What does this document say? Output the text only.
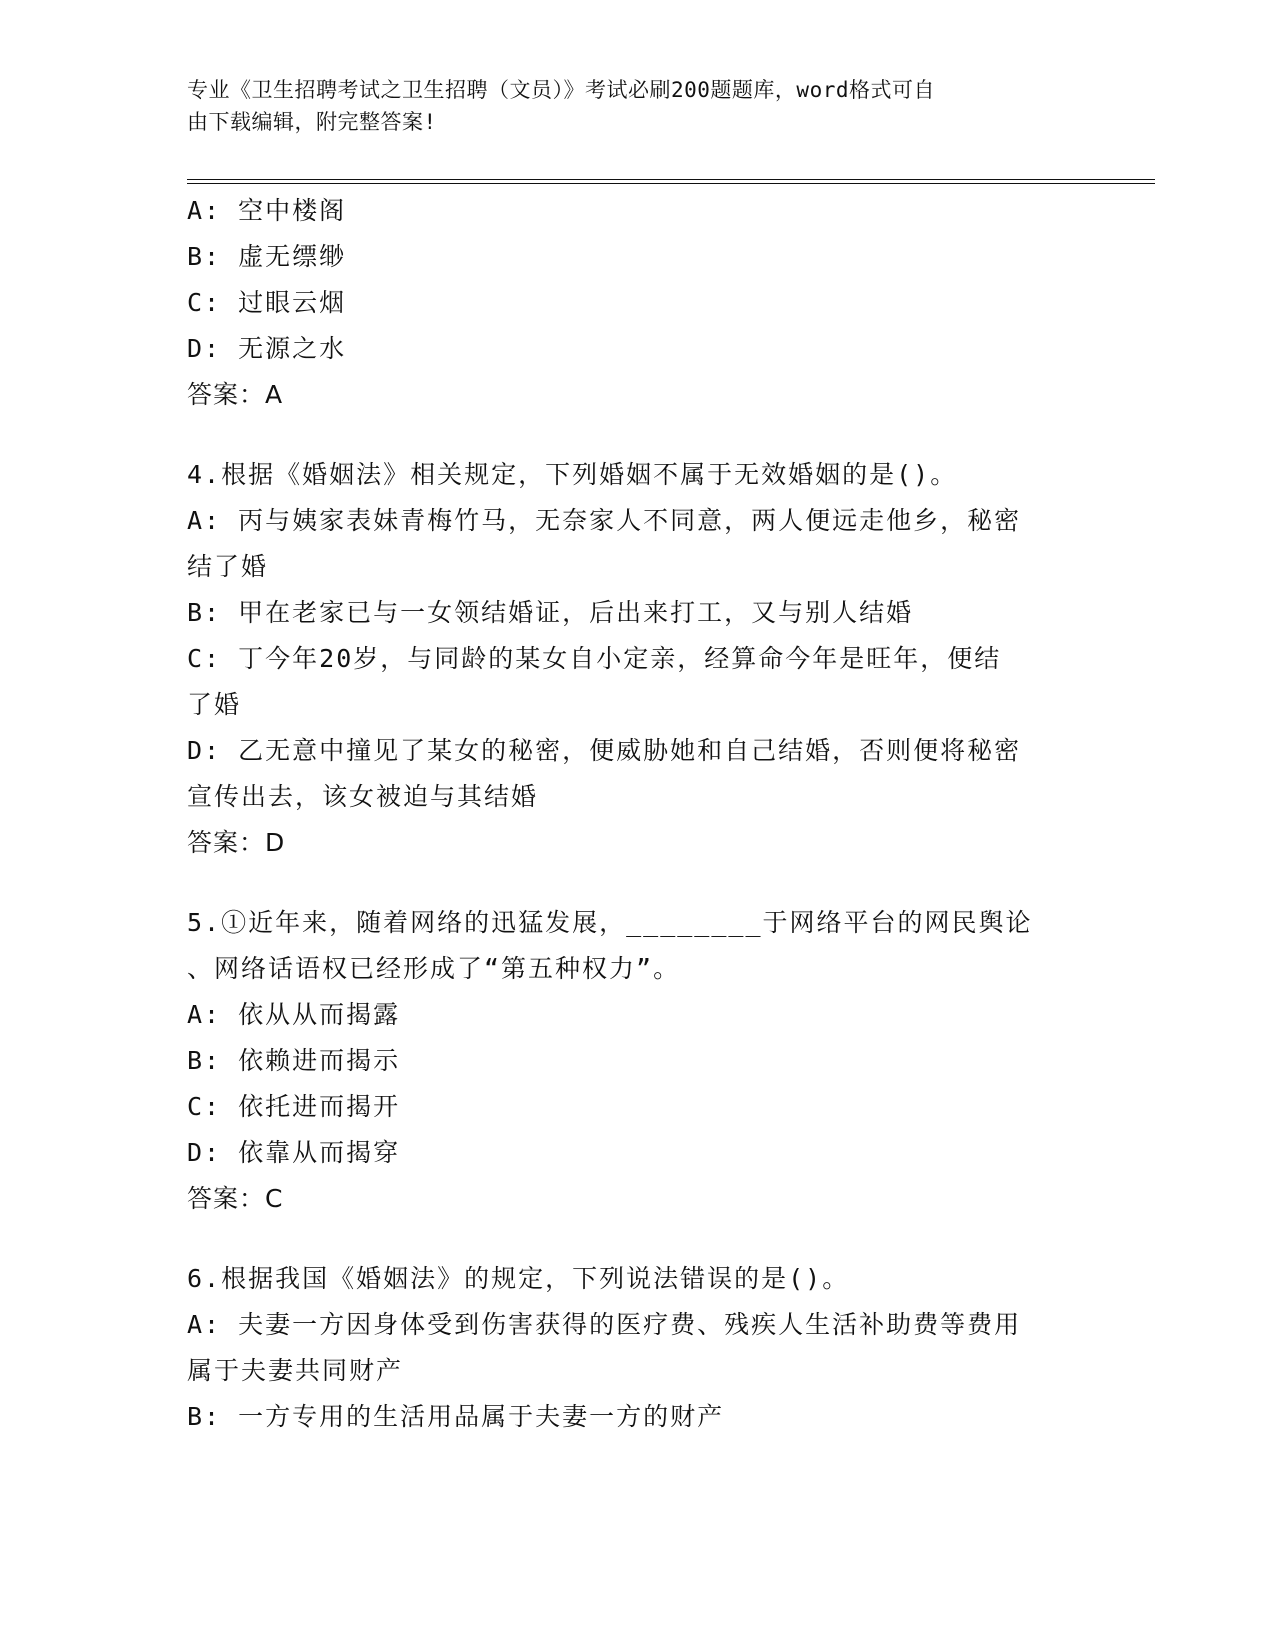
专业《卫生招聘考试之卫生招聘（文员）》考试必刷200题题库，word格式可自
由下载编辑，附完整答案!
A: 空中楼阁
B: 虚无缥缈
C: 过眼云烟
D: 无源之水
答案：A
4.根据《婚姻法》相关规定，下列婚姻不属于无效婚姻的是()。
A: 丙与姨家表妹青梅竹马，无奈家人不同意，两人便远走他乡，秘密
结了婚
B: 甲在老家已与一女领结婚证，后出来打工，又与别人结婚
C: 丁今年20岁，与同龄的某女自小定亲，经算命今年是旺年，便结
了婚
D: 乙无意中撞见了某女的秘密，便威胁她和自己结婚，否则便将秘密
宣传出去，该女被迫与其结婚
答案：D
5.①近年来，随着网络的迅猛发展，________于网络平台的网民舆论
、网络话语权已经形成了“第五种权力”。
A: 依从从而揭露
B: 依赖进而揭示
C: 依托进而揭开
D: 依靠从而揭穿
答案：C
6.根据我国《婚姻法》的规定，下列说法错误的是()。
A: 夫妻一方因身体受到伤害获得的医疗费、残疾人生活补助费等费用
属于夫妻共同财产
B: 一方专用的生活用品属于夫妻一方的财产
